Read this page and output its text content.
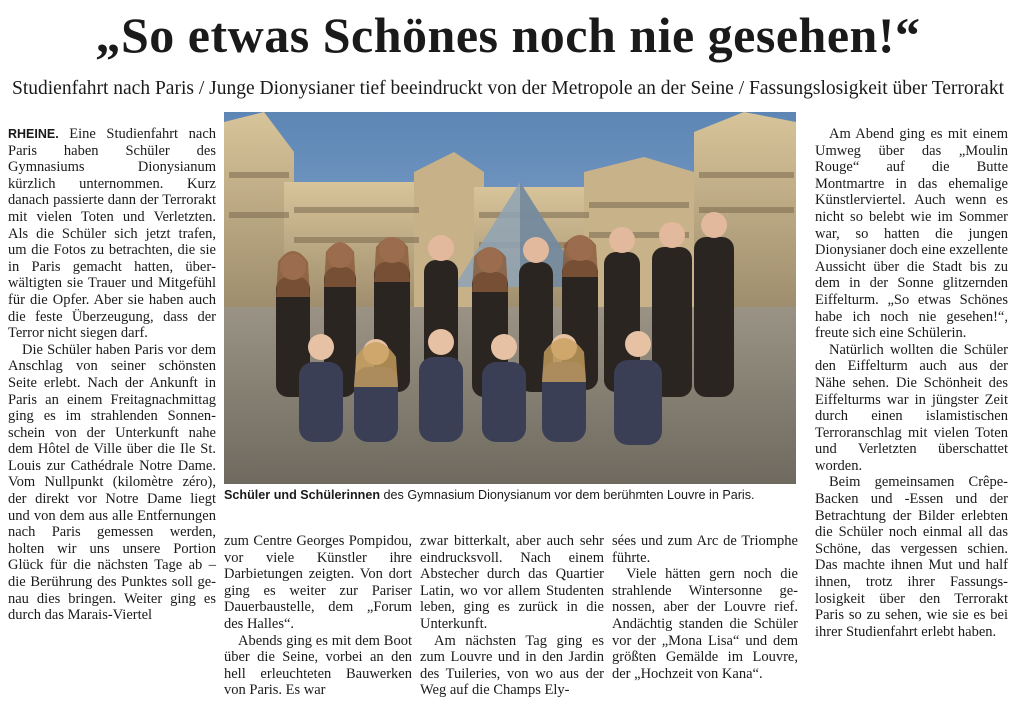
„So etwas Schönes noch nie gesehen!“

Studienfahrt nach Paris / Junge Dionysianer tief beeindruckt von der Metropole an der Seine / Fassungslosigkeit über Terrorakt

RHEINE. Eine Studienfahrt nach Paris haben Schüler des Gymnasiums Dionysianum kürzlich unternommen. Kurz danach passierte dann der Terrorakt mit vielen Toten und Verletzten. Als die Schüler sich jetzt trafen, um die Fotos zu betrachten, die sie in Paris gemacht hatten, überwältigten sie Trauer und Mitgefühl für die Opfer. Aber sie haben auch die feste Überzeugung, dass der Terror nicht siegen darf.

Die Schüler haben Paris vor dem Anschlag von seiner schönsten Seite erlebt. Nach der Ankunft in Paris an einem Freitagnachmittag ging es im strahlenden Sonnenschein von der Unterkunft nahe dem Hôtel de Ville über die Ile St. Louis zur Cathédrale Notre Dame. Vom Nullpunkt (kilomètre zéro), der direkt vor Notre Dame liegt und von dem aus alle Entfernungen nach Paris gemessen werden, holten wir uns unsere Portion Glück für die nächsten Tage ab – die Berührung des Punktes soll genau dies bringen. Weiter ging es durch das Marais-Viertel

Schüler und Schülerinnen des Gymnasium Dionysianum vor dem berühmten Louvre in Paris.

zum Centre Georges Pompidou, vor viele Künstler ihre Darbietungen zeigten. Von dort ging es weiter zur Pariser Dauerbaustelle, dem „Forum des Halles“.

Abends ging es mit dem Boot über die Seine, vorbei an den hell erleuchteten Bauwerken von Paris. Es war

zwar bitterkalt, aber auch sehr eindrucksvoll. Nach einem Abstecher durch das Quartier Latin, wo vor allem Studenten leben, ging es zurück in die Unterkunft.

Am nächsten Tag ging es zum Louvre und in den Jardin des Tuileries, von wo aus der Weg auf die Champs Ely-

sées und zum Arc de Triomphe führte.

Viele hätten gern noch die strahlende Wintersonne genossen, aber der Louvre rief. Andächtig standen die Schüler vor der „Mona Lisa“ und dem größten Gemälde im Louvre, der „Hochzeit von Kana“.

Am Abend ging es mit einem Umweg über das „Moulin Rouge“ auf die Butte Montmartre in das ehemalige Künstlerviertel. Auch wenn es nicht so belebt wie im Sommer war, so hatten die jungen Dionysianer doch eine exzellente Aussicht über die Stadt bis zu dem in der Sonne glitzernden Eiffelturm. „So etwas Schönes habe ich noch nie gesehen!“, freute sich eine Schülerin.

Natürlich wollten die Schüler den Eiffelturm auch aus der Nähe sehen. Die Schönheit des Eiffelturms war in jüngster Zeit durch einen islamistischen Terroranschlag mit vielen Toten und Verletzten überschattet worden.

Beim gemeinsamen Crêpe-Backen und -Essen und der Betrachtung der Bilder erlebten die Schüler noch einmal all das Schöne, das vergessen schien. Das machte ihnen Mut und half ihnen, trotz ihrer Fassungslosigkeit über den Terrorakt Paris so zu sehen, wie sie es bei ihrer Studienfahrt erlebt haben.
